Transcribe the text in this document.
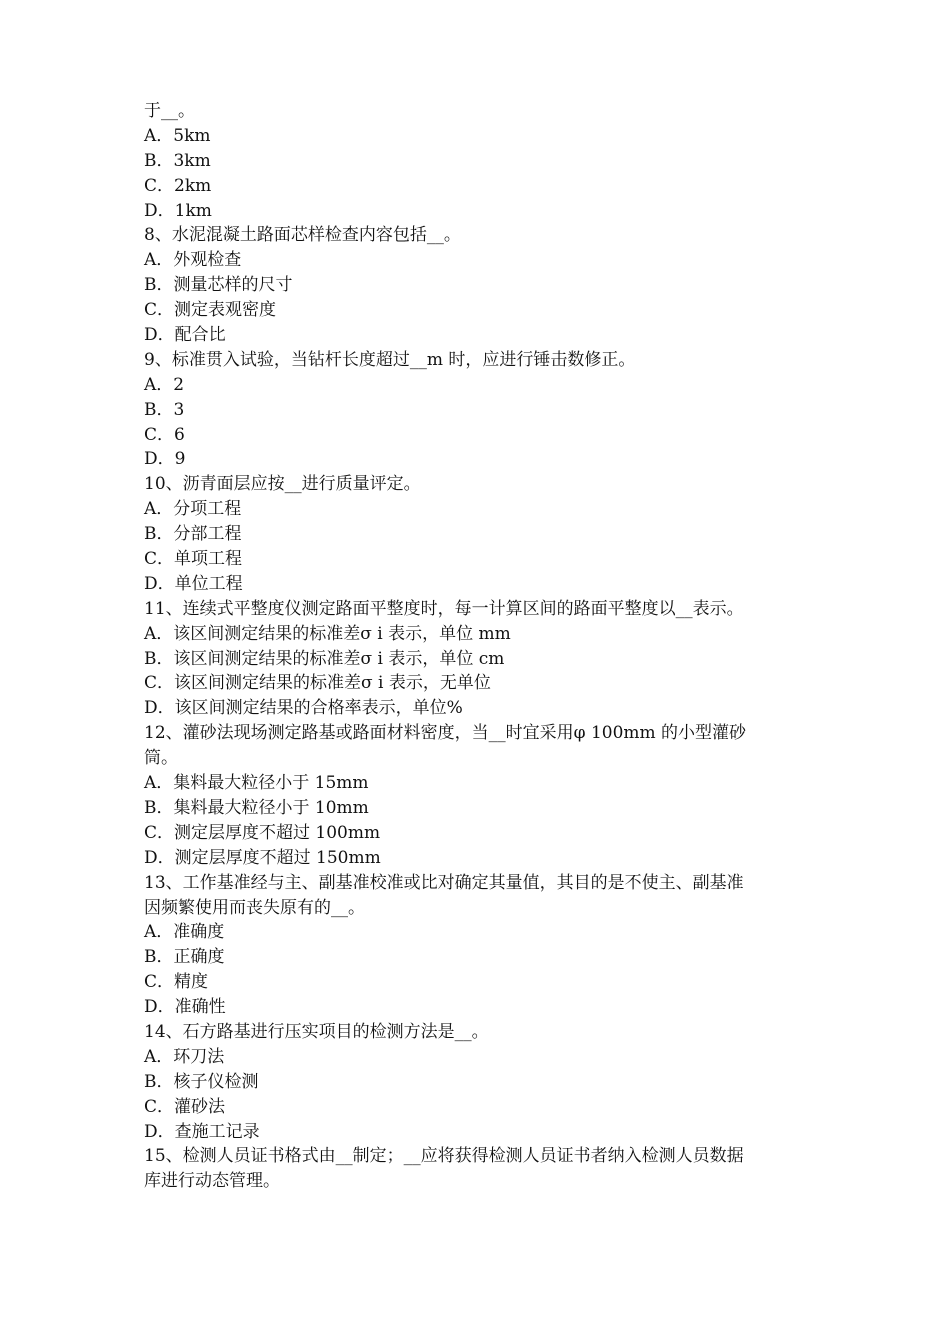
于__。
A．5km
B．3km
C．2km
D．1km
8、水泥混凝土路面芯样检查内容包括__。
A．外观检查
B．测量芯样的尺寸
C．测定表观密度
D．配合比
9、标准贯入试验，当钻杆长度超过__m 时，应进行锤击数修正。
A．2
B．3
C．6
D．9
10、沥青面层应按__进行质量评定。
A．分项工程
B．分部工程
C．单项工程
D．单位工程
11、连续式平整度仪测定路面平整度时，每一计算区间的路面平整度以__表示。
A．该区间测定结果的标准差σ i 表示，单位 mm
B．该区间测定结果的标准差σ i 表示，单位 cm
C．该区间测定结果的标准差σ i 表示，无单位
D．该区间测定结果的合格率表示，单位%
12、灌砂法现场测定路基或路面材料密度，当__时宜采用φ 100mm 的小型灌砂
筒。
A．集料最大粒径小于 15mm
B．集料最大粒径小于 10mm
C．测定层厚度不超过 100mm
D．测定层厚度不超过 150mm
13、工作基准经与主、副基准校准或比对确定其量值，其目的是不使主、副基准
因频繁使用而丧失原有的__。
A．准确度
B．正确度
C．精度
D．准确性
14、石方路基进行压实项目的检测方法是__。
A．环刀法
B．核子仪检测
C．灌砂法
D．查施工记录
15、检测人员证书格式由__制定；__应将获得检测人员证书者纳入检测人员数据
库进行动态管理。
